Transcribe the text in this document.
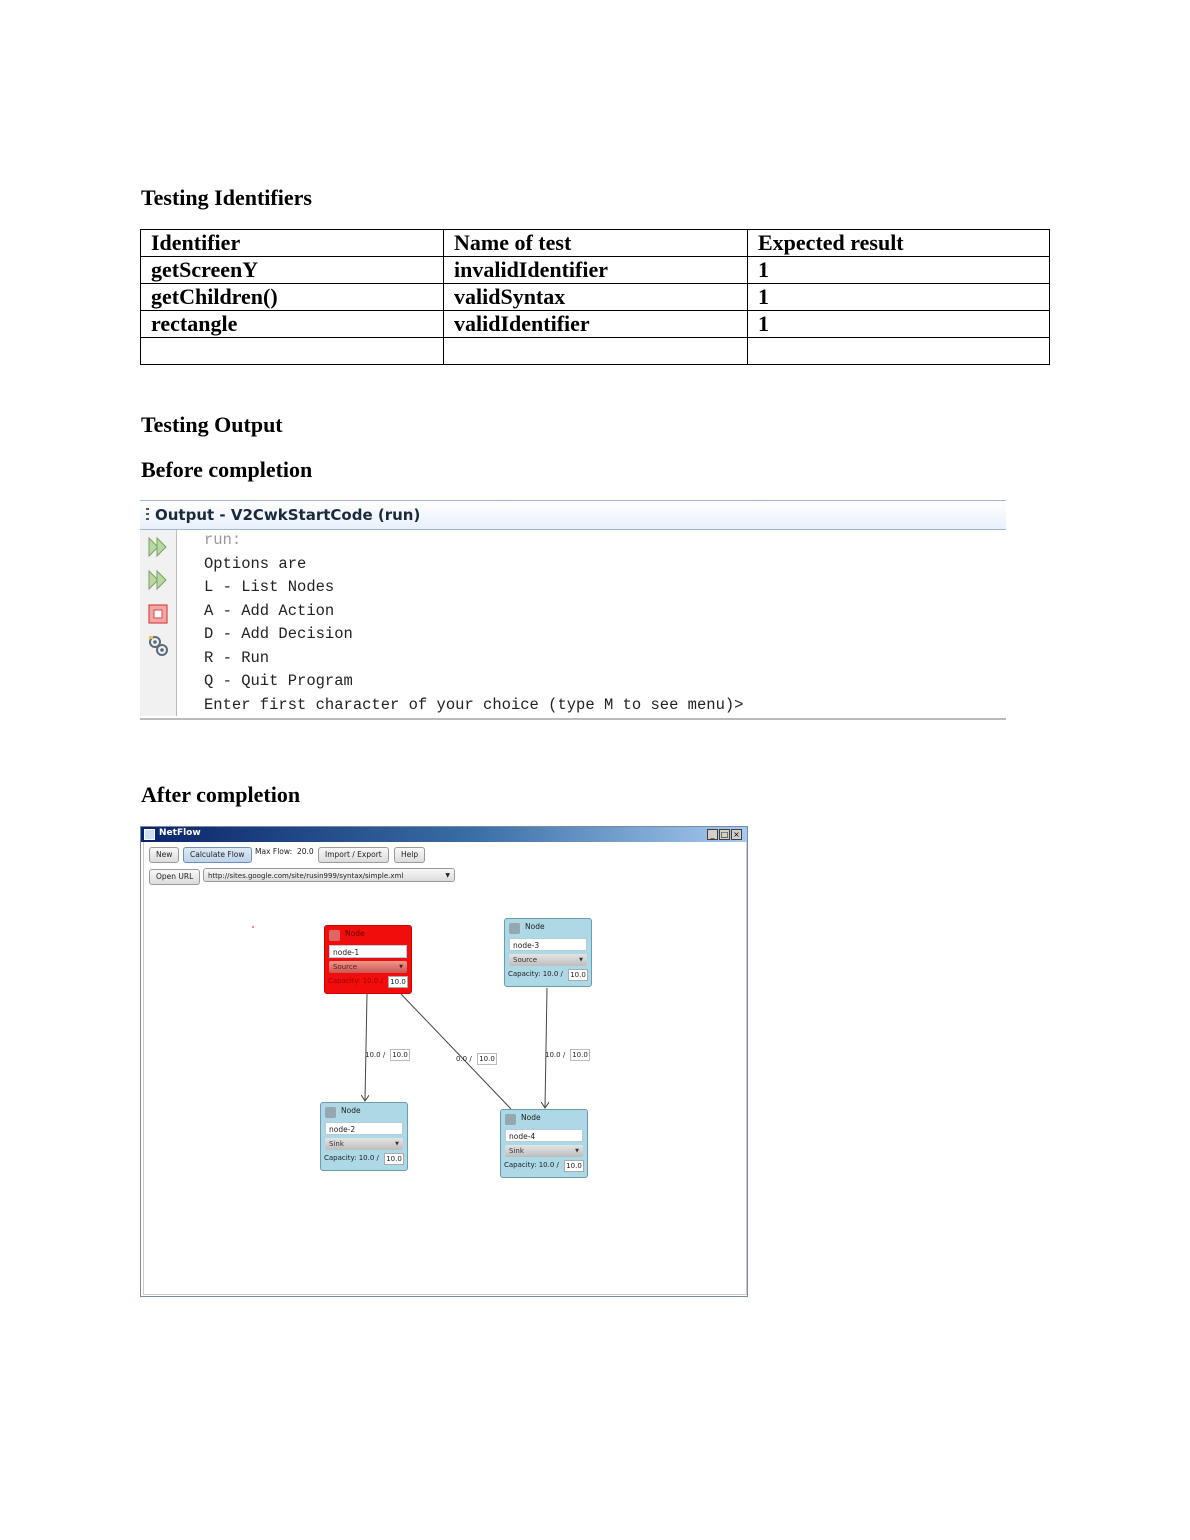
Testing Identifiers
Identifier	Name of test	Expected result
getScreenY	invalidIdentifier	1
getChildren()	validSyntax	1
rectangle	validIdentifier	1

Testing Output
Before completion
Output - V2CwkStartCode (run)
run:
Options are
L - List Nodes
A - Add Action
D - Add Decision
R - Run
Q - Quit Program
Enter first character of your choice (type M to see menu)>
After completion
NetFlow	_ □ ×
New	Calculate Flow	Max Flow: 20.0	Import / Export	Help
Open URL	http://sites.google.com/site/rusin999/syntax/simple.xml	▼
10.0 /	10.0	0.0 /	10.0	10.0 /	10.0
Node
node-1
Source	▼
Capacity: 10.0 /	10.0
Node
node-3
Source	▼
Capacity: 10.0 /	10.0
Node
node-2
Sink	▼
Capacity: 10.0 /	10.0
Node
node-4
Sink	▼
Capacity: 10.0 /	10.0
